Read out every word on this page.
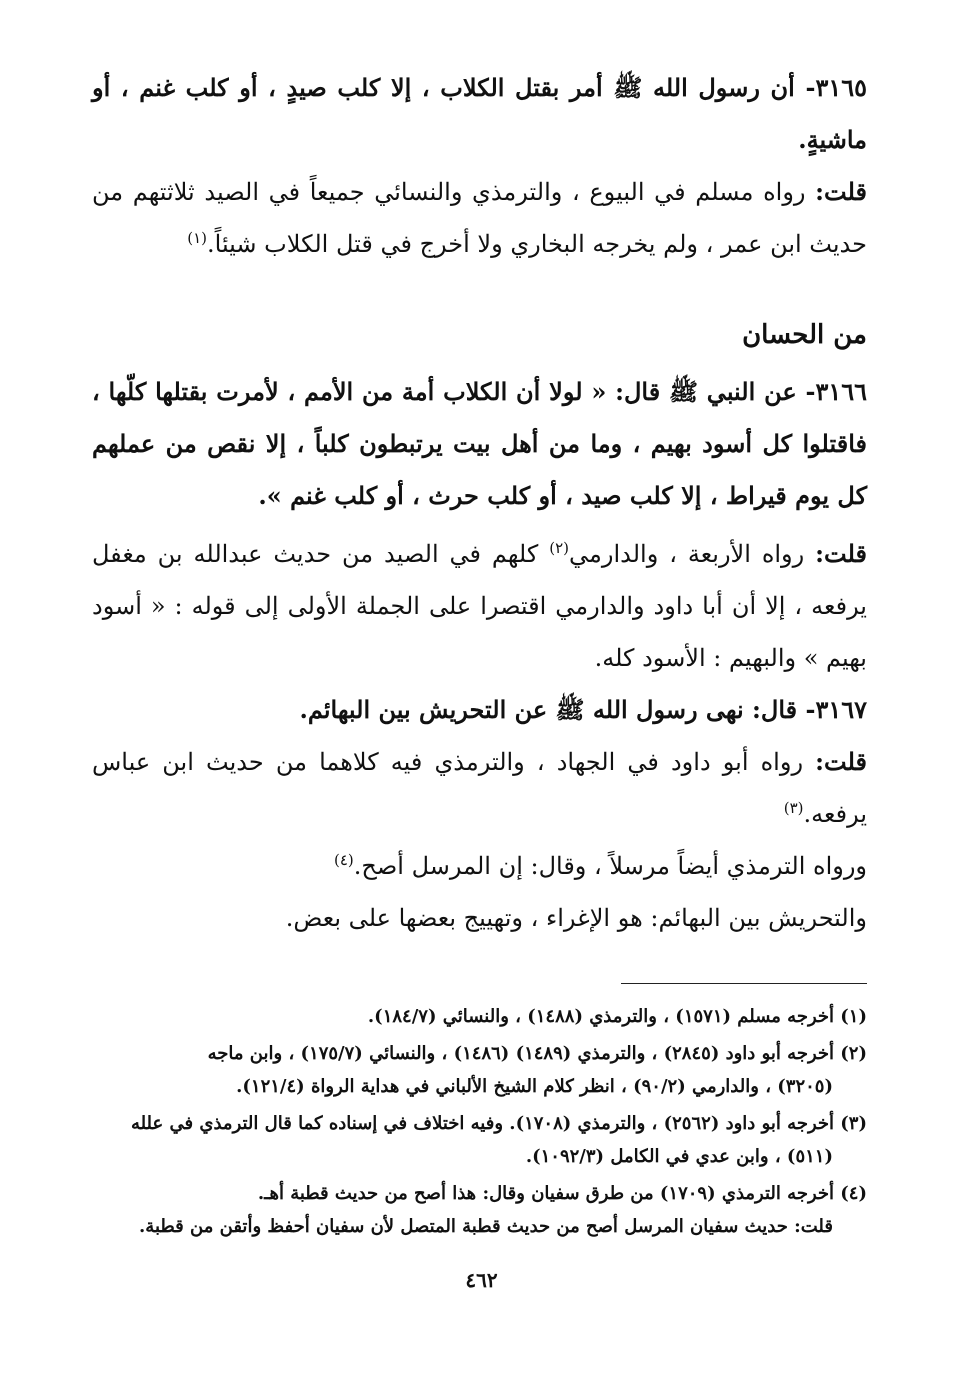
٣١٦٥- أن رسول الله ﷺ أمر بقتل الكلاب ، إلا كلب صيدٍ ، أو كلب غنم ، أو ماشيةٍ.

قلت: رواه مسلم في البيوع ، والترمذي والنسائي جميعاً في الصيد ثلاثتهم من حديث ابن عمر ، ولم يخرجه البخاري ولا أخرج في قتل الكلاب شيئاً.$^{(١)}$

من الحسان

٣١٦٦- عن النبي ﷺ قال: « لولا أن الكلاب أمة من الأمم ، لأمرت بقتلها كلّها ، فاقتلوا كل أسود بهيم ، وما من أهل بيت يرتبطون كلباً ، إلا نقص من عملهم كل يوم قيراط ، إلا كلب صيد ، أو كلب حرث ، أو كلب غنم ».

قلت: رواه الأربعة ، والدارمي$^{(٢)}$ كلهم في الصيد من حديث عبدالله بن مغفل يرفعه ، إلا أن أبا داود والدارمي اقتصرا على الجملة الأولى إلى قوله : « أسود بهيم » والبهيم : الأسود كله.

٣١٦٧- قال: نهى رسول الله ﷺ عن التحريش بين البهائم.

قلت: رواه أبو داود في الجهاد ، والترمذي فيه كلاهما من حديث ابن عباس يرفعه.$^{(٣)}$

ورواه الترمذي أيضاً مرسلاً ، وقال: إن المرسل أصح.$^{(٤)}$

والتحريش بين البهائم: هو الإغراء ، وتهييج بعضها على بعض.

(١) أخرجه مسلم (١٥٧١) ، والترمذي (١٤٨٨) ، والنسائي (١٨٤/٧).

(٢) أخرجه أبو داود (٢٨٤٥) ، والترمذي (١٤٨٩) (١٤٨٦) ، والنسائي (١٧٥/٧) ، وابن ماجه
(٣٢٠٥) ، والدارمي (٩٠/٢) ، انظر كلام الشيخ الألباني في هداية الرواة (١٢١/٤).

(٣) أخرجه أبو داود (٢٥٦٢) ، والترمذي (١٧٠٨). وفيه اختلاف في إسناده كما قال الترمذي في علله
(٥١١) ، وابن عدي في الكامل (١٠٩٢/٣).

(٤) أخرجه الترمذي (١٧٠٩) من طرق سفيان وقال: هذا أصح من حديث قطبة أهـ.
قلت: حديث سفيان المرسل أصح من حديث قطبة المتصل لأن سفيان أحفظ وأتقن من قطبة.

٤٦٢
